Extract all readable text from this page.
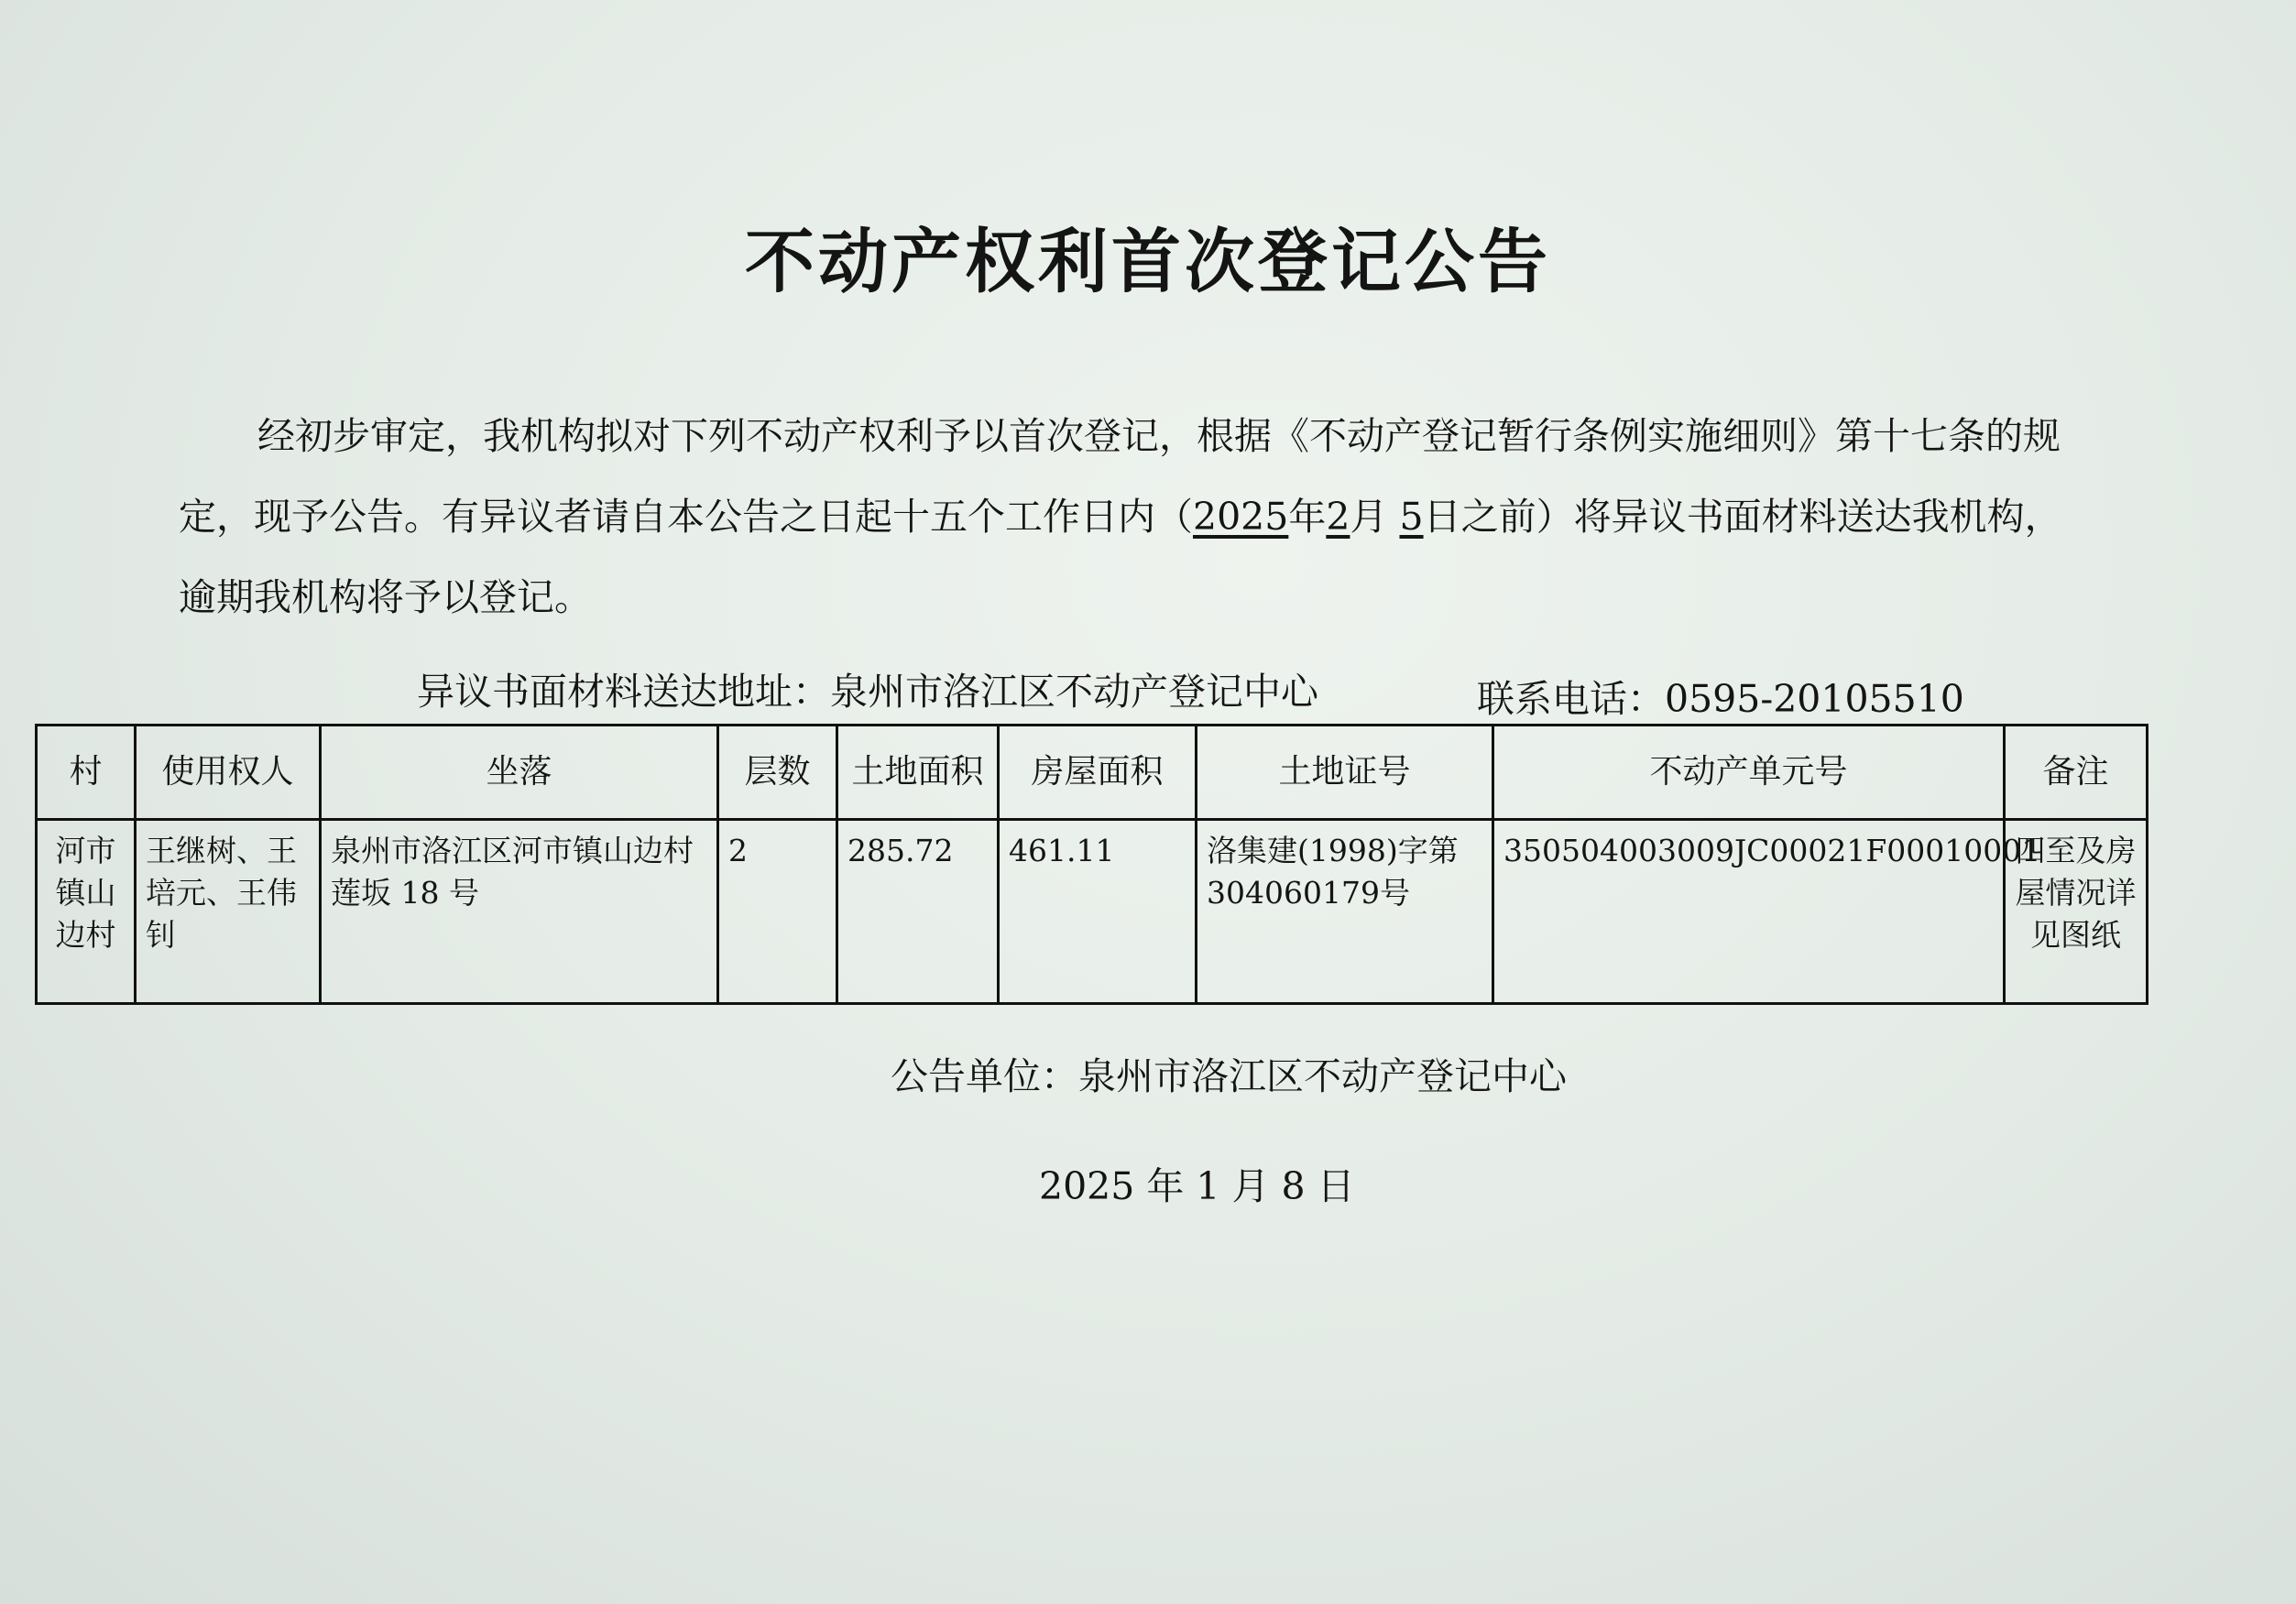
不动产权利首次登记公告
经初步审定，我机构拟对下列不动产权利予以首次登记，根据《不动产登记暂行条例实施细则》第十七条的规
定，现予公告。有异议者请自本公告之日起十五个工作日内（2025年2月 5日之前）将异议书面材料送达我机构，
逾期我机构将予以登记。
异议书面材料送达地址：泉州市洛江区不动产登记中心	联系电话：0595-20105510
村	使用权人	坐落	层数	土地面积	房屋面积	土地证号	不动产单元号	备注
河市镇山边村	王继树、王培元、王伟钊	泉州市洛江区河市镇山边村莲坂 18 号	2	285.72	461.11	洛集建(1998)字第304060179号	350504003009JC00021F00010001	四至及房屋情况详见图纸
公告单位：泉州市洛江区不动产登记中心
2025 年 1 月 8 日
